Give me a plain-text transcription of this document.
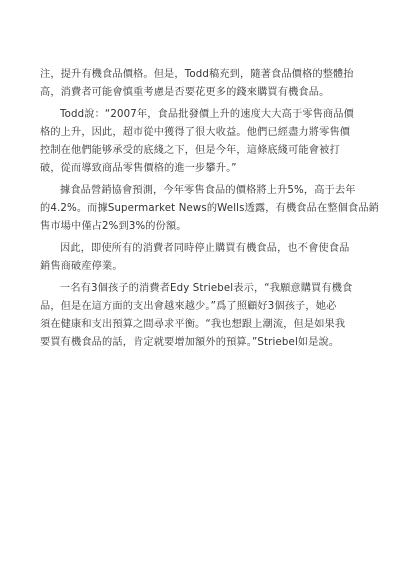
注，提升有機食品價格。但是，Todd稿充到，隨著食品價格的整體抬
高，消費者可能會慎重考慮是否要花更多的錢來購買有機食品。

Todd說：“2007年，食品批發價上升的速度大大高于零售商品價
格的上升，因此，超市從中獲得了很大收益。他們已經盡力將零售價
控制在他們能够承受的底綫之下，但是今年，這條底綫可能會被打
破，從而導致商品零售價格的進一步攀升。”

據食品營銷協會預測，今年零售食品的價格將上升5%，高于去年
的4.2%。而據Supermarket News的Wells透露，有機食品在整個食品銷
售市場中僅占2%到3%的份額。

因此，即使所有的消費者同時停止購買有機食品，也不會使食品
銷售商破産停業。

一名有3個孩子的消費者Edy Striebel表示，“我願意購買有機食
品，但是在這方面的支出會越來越少。”爲了照顧好3個孩子，她必
須在健康和支出預算之間尋求平衡。“我也想跟上潮流，但是如果我
要買有機食品的話，肯定就要增加額外的預算。”Striebel如是說。
